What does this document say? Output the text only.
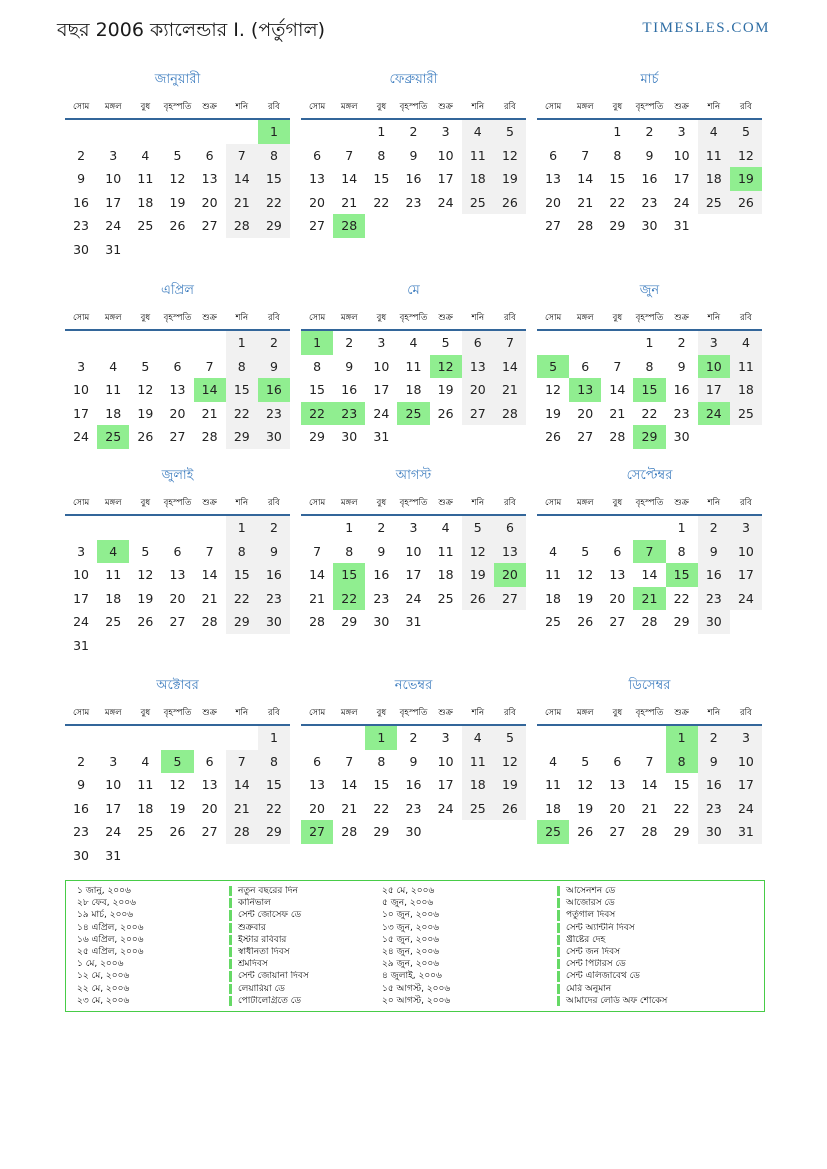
বছর 2006 ক্যালেন্ডার I. (পর্তুগাল)	TIMESLES.COM
জানুয়ারী
সোম	মঙ্গল	বুধ	বৃহস্পতি	শুক্র	শনি	রবি
						1
2	3	4	5	6	7	8
9	10	11	12	13	14	15
16	17	18	19	20	21	22
23	24	25	26	27	28	29
30	31					
ফেব্রুয়ারী
সোম	মঙ্গল	বুধ	বৃহস্পতি	শুক্র	শনি	রবি
		1	2	3	4	5
6	7	8	9	10	11	12
13	14	15	16	17	18	19
20	21	22	23	24	25	26
27	28					
মার্চ
সোম	মঙ্গল	বুধ	বৃহস্পতি	শুক্র	শনি	রবি
		1	2	3	4	5
6	7	8	9	10	11	12
13	14	15	16	17	18	19
20	21	22	23	24	25	26
27	28	29	30	31		
এপ্রিল
সোম	মঙ্গল	বুধ	বৃহস্পতি	শুক্র	শনি	রবি
					1	2
3	4	5	6	7	8	9
10	11	12	13	14	15	16
17	18	19	20	21	22	23
24	25	26	27	28	29	30
মে
সোম	মঙ্গল	বুধ	বৃহস্পতি	শুক্র	শনি	রবি
1	2	3	4	5	6	7
8	9	10	11	12	13	14
15	16	17	18	19	20	21
22	23	24	25	26	27	28
29	30	31				
জুন
সোম	মঙ্গল	বুধ	বৃহস্পতি	শুক্র	শনি	রবি
			1	2	3	4
5	6	7	8	9	10	11
12	13	14	15	16	17	18
19	20	21	22	23	24	25
26	27	28	29	30		
জুলাই
সোম	মঙ্গল	বুধ	বৃহস্পতি	শুক্র	শনি	রবি
					1	2
3	4	5	6	7	8	9
10	11	12	13	14	15	16
17	18	19	20	21	22	23
24	25	26	27	28	29	30
31						
আগস্ট
সোম	মঙ্গল	বুধ	বৃহস্পতি	শুক্র	শনি	রবি
	1	2	3	4	5	6
7	8	9	10	11	12	13
14	15	16	17	18	19	20
21	22	23	24	25	26	27
28	29	30	31			
সেপ্টেম্বর
সোম	মঙ্গল	বুধ	বৃহস্পতি	শুক্র	শনি	রবি
				1	2	3
4	5	6	7	8	9	10
11	12	13	14	15	16	17
18	19	20	21	22	23	24
25	26	27	28	29	30	
অক্টোবর
সোম	মঙ্গল	বুধ	বৃহস্পতি	শুক্র	শনি	রবি
						1
2	3	4	5	6	7	8
9	10	11	12	13	14	15
16	17	18	19	20	21	22
23	24	25	26	27	28	29
30	31					
নভেম্বর
সোম	মঙ্গল	বুধ	বৃহস্পতি	শুক্র	শনি	রবি
		1	2	3	4	5
6	7	8	9	10	11	12
13	14	15	16	17	18	19
20	21	22	23	24	25	26
27	28	29	30			
ডিসেম্বর
সোম	মঙ্গল	বুধ	বৃহস্পতি	শুক্র	শনি	রবি
				1	2	3
4	5	6	7	8	9	10
11	12	13	14	15	16	17
18	19	20	21	22	23	24
25	26	27	28	29	30	31
১ জানু, ২০০৬	নতুন বছরের দিন	২৫ মে, ২০০৬	আসেনশন ডে
২৮ ফেব, ২০০৬	কার্নিভাল	৫ জুন, ২০০৬	আজোরস ডে
১৯ মার্চ, ২০০৬	সেন্ট জোসেফ ডে	১০ জুন, ২০০৬	পর্তুগাল দিবস
১৪ এপ্রিল, ২০০৬	শুক্রবার	১৩ জুন, ২০০৬	সেন্ট অ্যান্টনি দিবস
১৬ এপ্রিল, ২০০৬	ইস্টার রবিবার	১৫ জুন, ২০০৬	খ্রীষ্টের দেহ
২৫ এপ্রিল, ২০০৬	স্বাধীনতা দিবস	২৪ জুন, ২০০৬	সেন্ট জন দিবস
১ মে, ২০০৬	শ্রমদিবস	২৯ জুন, ২০০৬	সেন্ট পিটারস ডে
১২ মে, ২০০৬	সেন্ট জোয়ানা দিবস	৪ জুলাই, ২০০৬	সেন্ট এলিজাবেথ ডে
২২ মে, ২০০৬	লেয়ারিয়া ডে	১৫ আগস্ট, ২০০৬	মেরি অনুমান
২৩ মে, ২০০৬	পোর্টালেগ্রিতে ডে	২০ আগস্ট, ২০০৬	আমাদের লেডি অফ শোকেস
